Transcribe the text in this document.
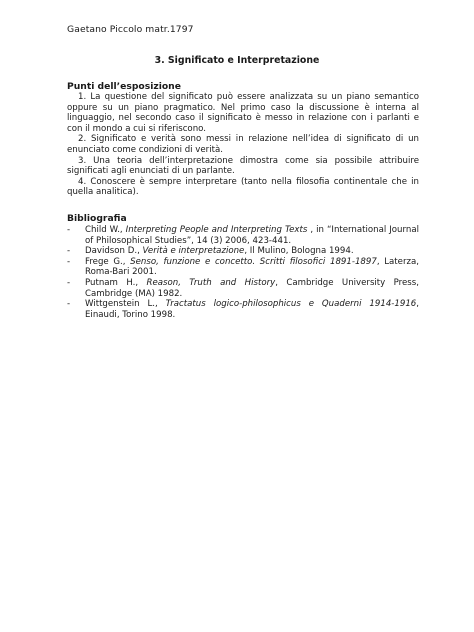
Gaetano Piccolo matr.1797
3. Significato e Interpretazione
Punti dell’esposizione
1. La questione del significato può essere analizzata su un piano semantico oppure su un piano pragmatico. Nel primo caso la discussione è interna al linguaggio, nel secondo caso il significato è messo in relazione con i parlanti e con il mondo a cui si riferiscono.
2. Significato e verità sono messi in relazione nell’idea di significato di un enunciato come condizioni di verità.
3. Una teoria dell’interpretazione dimostra come sia possibile attribuire significati agli enunciati di un parlante.
4. Conoscere è sempre interpretare (tanto nella filosofia continentale che in quella analitica).
Bibliografia
- Child W., Interpreting People and Interpreting Texts , in “International Journal of Philosophical Studies”, 14 (3) 2006, 423-441.
- Davidson D., Verità e interpretazione, Il Mulino, Bologna 1994.
- Frege G., Senso, funzione e concetto. Scritti filosofici 1891-1897, Laterza, Roma-Bari 2001.
- Putnam H., Reason, Truth and History, Cambridge University Press, Cambridge (MA) 1982.
- Wittgenstein L., Tractatus logico-philosophicus e Quaderni 1914-1916, Einaudi, Torino 1998.
